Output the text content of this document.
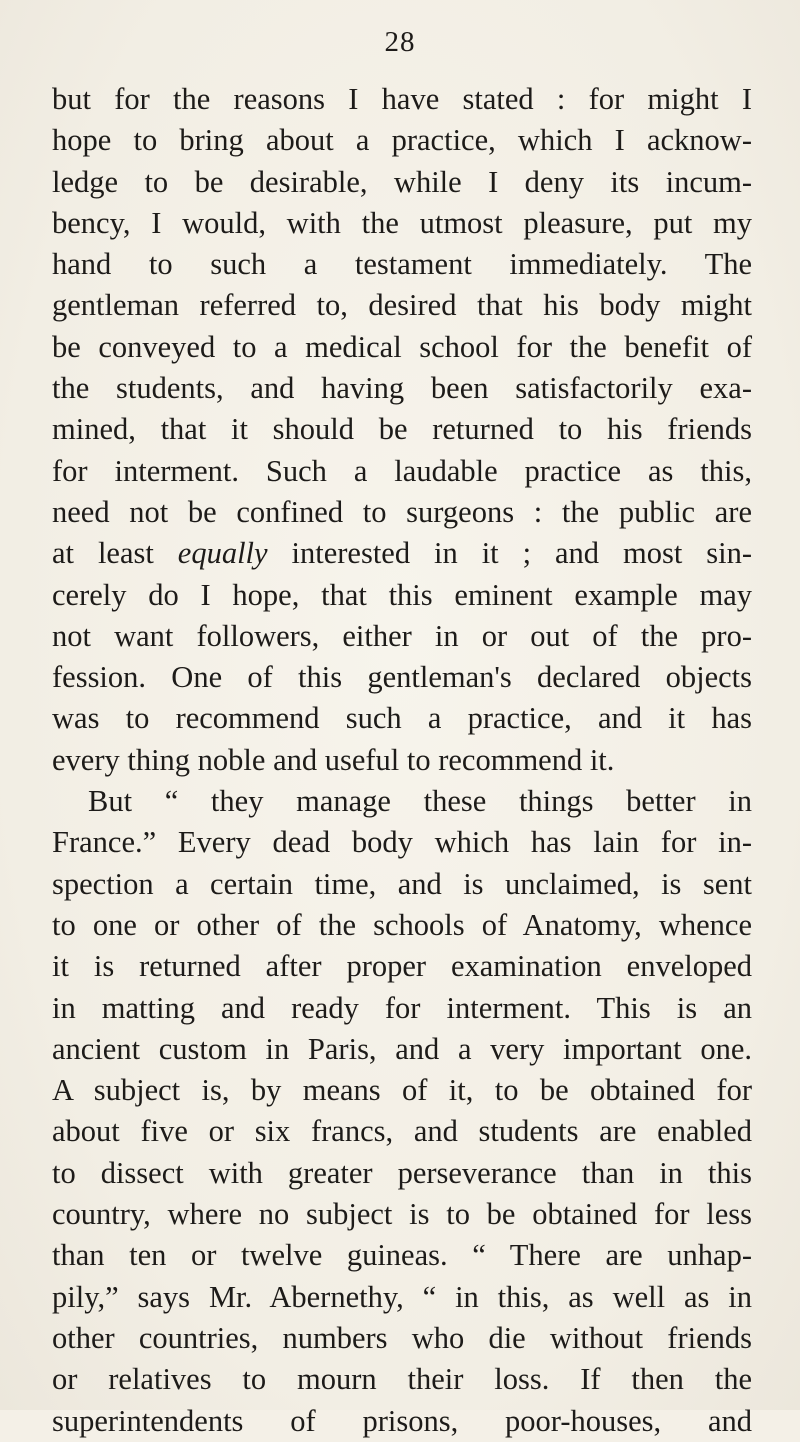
28
but for the reasons I have stated : for might I
hope to bring about a practice, which I acknow-
ledge to be desirable, while I deny its incum-
bency, I would, with the utmost pleasure, put my
hand to such a testament immediately. The
gentleman referred to, desired that his body might
be conveyed to a medical school for the benefit of
the students, and having been satisfactorily exa-
mined, that it should be returned to his friends
for interment. Such a laudable practice as this,
need not be confined to surgeons : the public are
at least equally interested in it ; and most sin-
cerely do I hope, that this eminent example may
not want followers, either in or out of the pro-
fession. One of this gentleman's declared objects
was to recommend such a practice, and it has
every thing noble and useful to recommend it.
But “ they manage these things better in
France.” Every dead body which has lain for in-
spection a certain time, and is unclaimed, is sent
to one or other of the schools of Anatomy, whence
it is returned after proper examination enveloped
in matting and ready for interment. This is an
ancient custom in Paris, and a very important one.
A subject is, by means of it, to be obtained for
about five or six francs, and students are enabled
to dissect with greater perseverance than in this
country, where no subject is to be obtained for less
than ten or twelve guineas. “ There are unhap-
pily,” says Mr. Abernethy, “ in this, as well as in
other countries, numbers who die without friends
or relatives to mourn their loss. If then the
superintendents of prisons, poor-houses, and
